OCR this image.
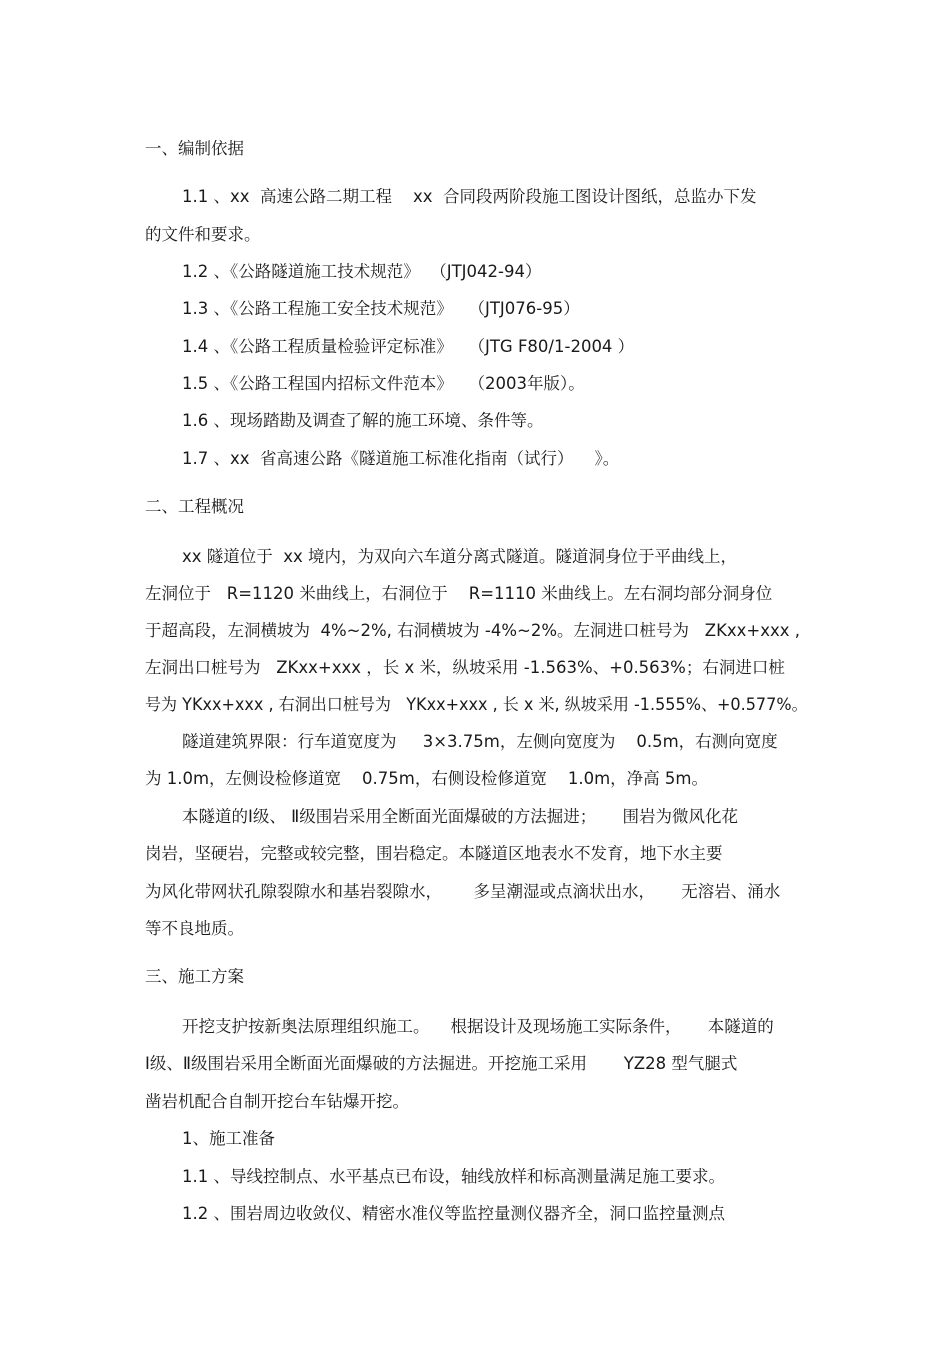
一、编制依据
1.1 、xx  高速公路二期工程    xx  合同段两阶段施工图设计图纸，总监办下发
的文件和要求。
1.2 、《公路隧道施工技术规范》  （JTJ042-94）
1.3 、《公路工程施工安全技术规范》   （JTJ076-95）
1.4 、《公路工程质量检验评定标准》   （JTG F80/1-2004 ）
1.5 、《公路工程国内招标文件范本》   （2003年版）。
1.6 、现场踏勘及调查了解的施工环境、条件等。
1.7 、xx  省高速公路《隧道施工标准化指南（试行）    》。
二、工程概况
xx 隧道位于  xx 境内，为双向六车道分离式隧道。隧道洞身位于平曲线上，
左洞位于   R=1120 米曲线上，右洞位于    R=1110 米曲线上。左右洞均部分洞身位
于超高段，左洞横坡为  4%~2%, 右洞横坡为 -4%~2%。左洞进口桩号为   ZKxx+xxx ,
左洞出口桩号为   ZKxx+xxx ，长 x 米，纵坡采用 -1.563%、+0.563%；右洞进口桩
号为 YKxx+xxx , 右洞出口桩号为   YKxx+xxx , 长 x 米, 纵坡采用 -1.555%、+0.577%。
隧道建筑界限：行车道宽度为     3×3.75m，左侧向宽度为    0.5m，右测向宽度
为 1.0m，左侧设检修道宽    0.75m，右侧设检修道宽    1.0m，净高 5m。
本隧道的Ⅰ级、 Ⅱ级围岩采用全断面光面爆破的方法掘进；     围岩为微风化花
岗岩，坚硬岩，完整或较完整，围岩稳定。本隧道区地表水不发育，地下水主要
为风化带网状孔隙裂隙水和基岩裂隙水，      多呈潮湿或点滴状出水，     无溶岩、涌水
等不良地质。
三、施工方案
开挖支护按新奥法原理组织施工。    根据设计及现场施工实际条件，     本隧道的
Ⅰ级、Ⅱ级围岩采用全断面光面爆破的方法掘进。开挖施工采用       YZ28 型气腿式
凿岩机配合自制开挖台车钻爆开挖。
1、施工准备
1.1 、导线控制点、水平基点已布设，轴线放样和标高测量满足施工要求。
1.2 、围岩周边收敛仪、精密水准仪等监控量测仪器齐全，洞口监控量测点
